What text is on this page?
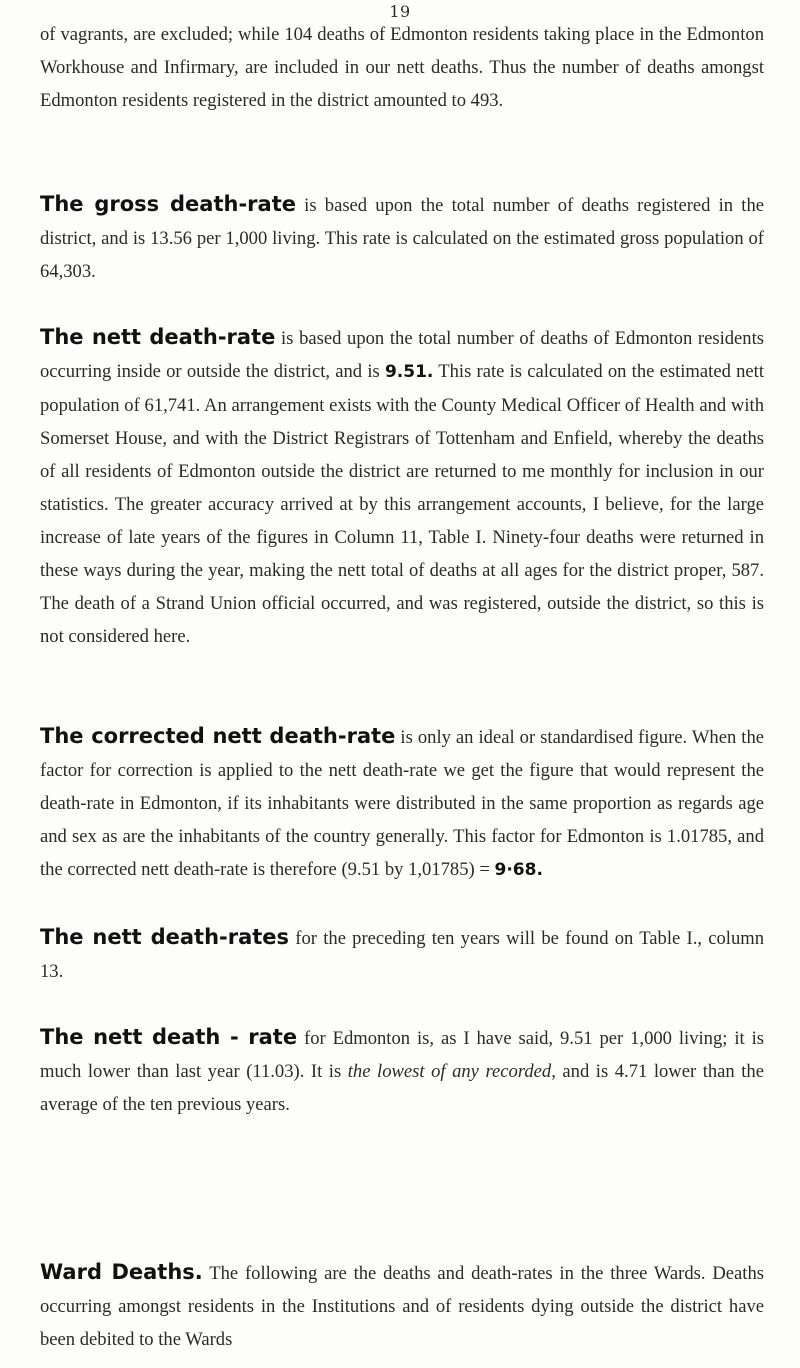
19

of vagrants, are excluded; while 104 deaths of Edmonton residents taking place in the Edmonton Workhouse and Infirmary, are included in our nett deaths. Thus the number of deaths amongst Edmonton residents registered in the district amounted to 493.

The gross death-rate is based upon the total number of deaths registered in the district, and is 13.56 per 1,000 living. This rate is calculated on the estimated gross population of 64,303.

The nett death-rate is based upon the total number of deaths of Edmonton residents occurring inside or outside the district, and is 9.51. This rate is calculated on the estimated nett population of 61,741. An arrangement exists with the County Medical Officer of Health and with Somerset House, and with the District Registrars of Tottenham and Enfield, whereby the deaths of all residents of Edmonton outside the district are returned to me monthly for inclusion in our statistics. The greater accuracy arrived at by this arrangement accounts, I believe, for the large increase of late years of the figures in Column 11, Table I. Ninety-four deaths were returned in these ways during the year, making the nett total of deaths at all ages for the district proper, 587. The death of a Strand Union official occurred, and was registered, outside the district, so this is not considered here.

The corrected nett death-rate is only an ideal or standardised figure. When the factor for correction is applied to the nett death-rate we get the figure that would represent the death-rate in Edmonton, if its inhabitants were distributed in the same proportion as regards age and sex as are the inhabitants of the country generally. This factor for Edmonton is 1.01785, and the corrected nett death-rate is therefore (9.51 by 1,01785) = 9·68.

The nett death-rates for the preceding ten years will be found on Table I., column 13.

The nett death - rate for Edmonton is, as I have said, 9.51 per 1,000 living; it is much lower than last year (11.03). It is the lowest of any recorded, and is 4.71 lower than the average of the ten previous years.

Ward Deaths. The following are the deaths and death-rates in the three Wards. Deaths occurring amongst residents in the Institutions and of residents dying outside the district have been debited to the Wards
